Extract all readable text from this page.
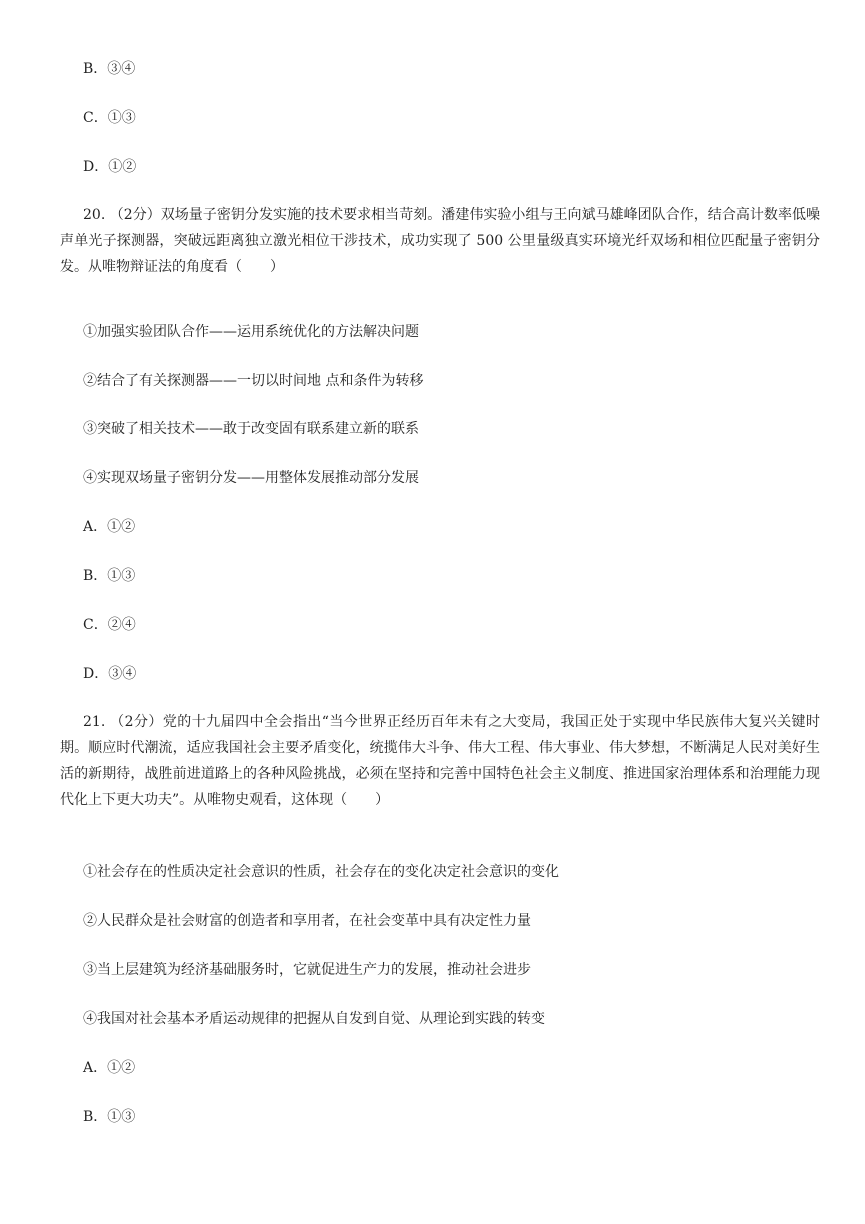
B．③④

C．①③

D．①②

20. （2分）双场量子密钥分发实施的技术要求相当苛刻。潘建伟实验小组与王向斌马雄峰团队合作，结合高计数率低噪声单光子探测器，突破远距离独立激光相位干涉技术，成功实现了 500 公里量级真实环境光纤双场和相位匹配量子密钥分发。从唯物辩证法的角度看（　　）

①加强实验团队合作——运用系统优化的方法解决问题

②结合了有关探测器——一切以时间地 点和条件为转移

③突破了相关技术——敢于改变固有联系建立新的联系

④实现双场量子密钥分发——用整体发展推动部分发展

A．①②

B．①③

C．②④

D．③④

21. （2分）党的十九届四中全会指出“当今世界正经历百年未有之大变局，我国正处于实现中华民族伟大复兴关键时期。顺应时代潮流，适应我国社会主要矛盾变化，统揽伟大斗争、伟大工程、伟大事业、伟大梦想，不断满足人民对美好生活的新期待，战胜前进道路上的各种风险挑战，必须在坚持和完善中国特色社会主义制度、推进国家治理体系和治理能力现代化上下更大功夫”。从唯物史观看，这体现（　　）

①社会存在的性质决定社会意识的性质，社会存在的变化决定社会意识的变化

②人民群众是社会财富的创造者和享用者，在社会变革中具有决定性力量

③当上层建筑为经济基础服务时，它就促进生产力的发展，推动社会进步

④我国对社会基本矛盾运动规律的把握从自发到自觉、从理论到实践的转变

A．①②

B．①③
